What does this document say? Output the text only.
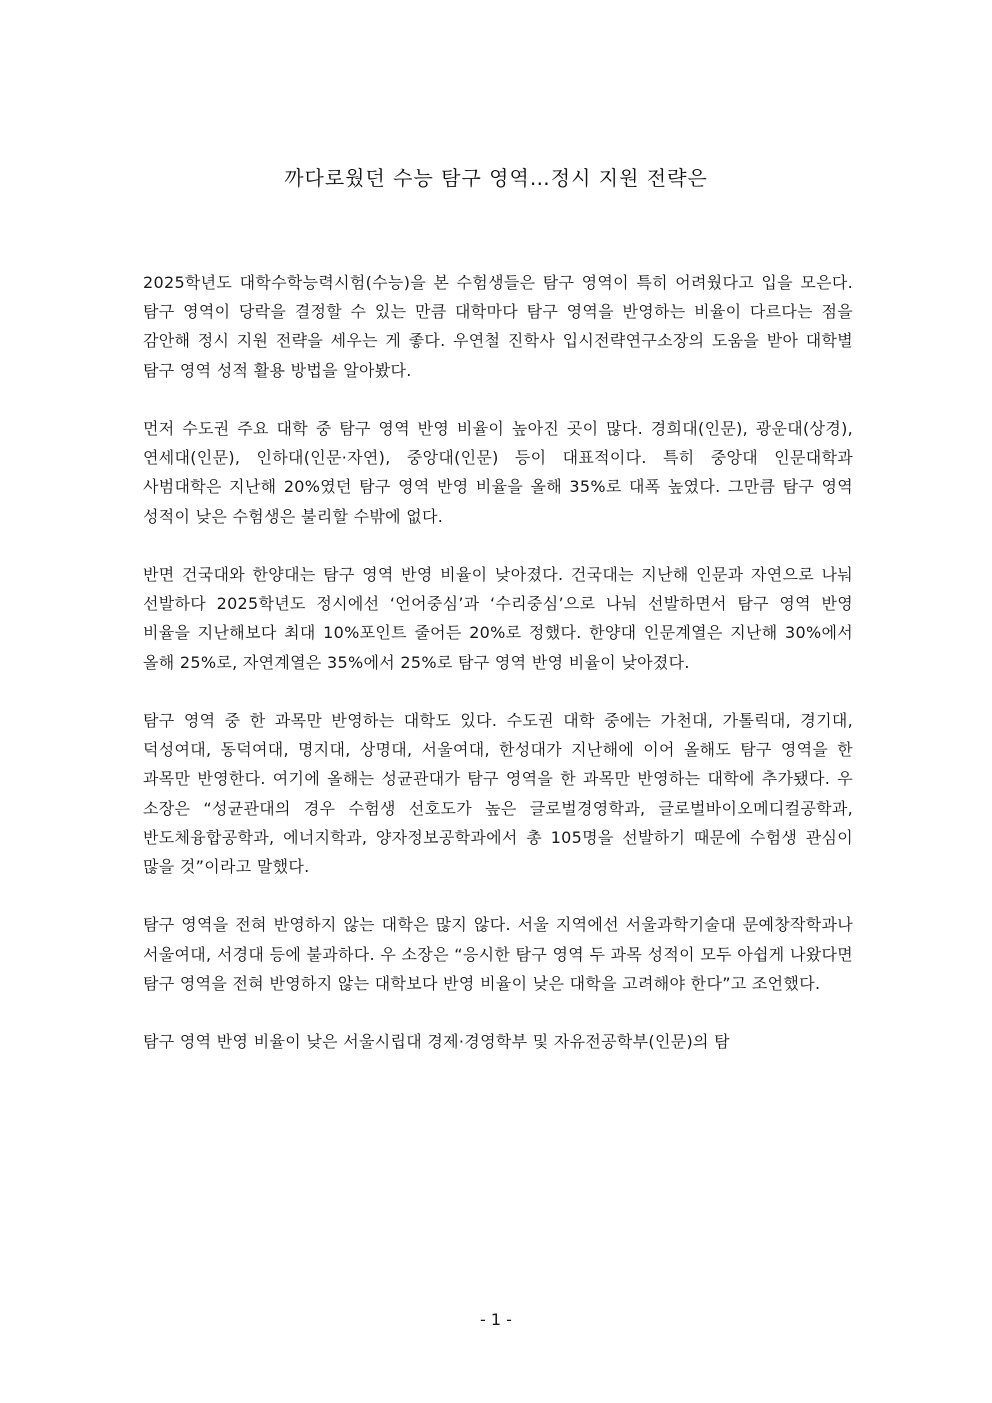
까다로웠던 수능 탐구 영역…정시 지원 전략은

2025학년도 대학수학능력시험(수능)을 본 수험생들은 탐구 영역이 특히 어려웠다고 입을 모은다. 탐구 영역이 당락을 결정할 수 있는 만큼 대학마다 탐구 영역을 반영하는 비율이 다르다는 점을 감안해 정시 지원 전략을 세우는 게 좋다. 우연철 진학사 입시전략연구소장의 도움을 받아 대학별 탐구 영역 성적 활용 방법을 알아봤다.

먼저 수도권 주요 대학 중 탐구 영역 반영 비율이 높아진 곳이 많다. 경희대(인문), 광운대(상경), 연세대(인문), 인하대(인문·자연), 중앙대(인문) 등이 대표적이다. 특히 중앙대 인문대학과 사범대학은 지난해 20%였던 탐구 영역 반영 비율을 올해 35%로 대폭 높였다. 그만큼 탐구 영역 성적이 낮은 수험생은 불리할 수밖에 없다.

반면 건국대와 한양대는 탐구 영역 반영 비율이 낮아졌다. 건국대는 지난해 인문과 자연으로 나눠 선발하다 2025학년도 정시에선 ‘언어중심’과 ‘수리중심’으로 나눠 선발하면서 탐구 영역 반영 비율을 지난해보다 최대 10%포인트 줄어든 20%로 정했다. 한양대 인문계열은 지난해 30%에서 올해 25%로, 자연계열은 35%에서 25%로 탐구 영역 반영 비율이 낮아졌다.

탐구 영역 중 한 과목만 반영하는 대학도 있다. 수도권 대학 중에는 가천대, 가톨릭대, 경기대, 덕성여대, 동덕여대, 명지대, 상명대, 서울여대, 한성대가 지난해에 이어 올해도 탐구 영역을 한 과목만 반영한다. 여기에 올해는 성균관대가 탐구 영역을 한 과목만 반영하는 대학에 추가됐다. 우 소장은 “성균관대의 경우 수험생 선호도가 높은 글로벌경영학과, 글로벌바이오메디컬공학과, 반도체융합공학과, 에너지학과, 양자정보공학과에서 총 105명을 선발하기 때문에 수험생 관심이 많을 것”이라고 말했다.

탐구 영역을 전혀 반영하지 않는 대학은 많지 않다. 서울 지역에선 서울과학기술대 문예창작학과나 서울여대, 서경대 등에 불과하다. 우 소장은 “응시한 탐구 영역 두 과목 성적이 모두 아쉽게 나왔다면 탐구 영역을 전혀 반영하지 않는 대학보다 반영 비율이 낮은 대학을 고려해야 한다”고 조언했다.

탐구 영역 반영 비율이 낮은 서울시립대 경제·경영학부 및 자유전공학부(인문)의 탐

- 1 -
